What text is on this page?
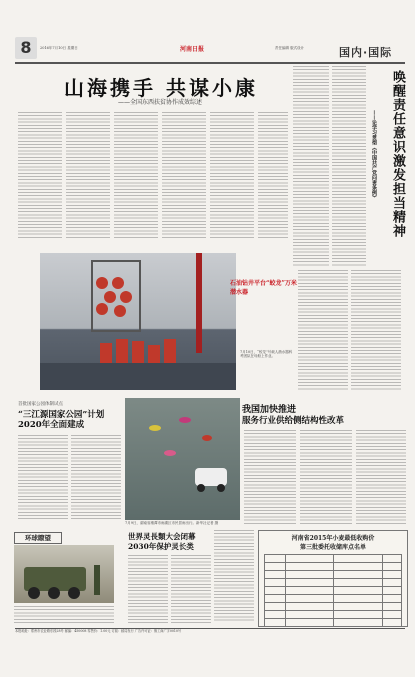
8	2016年7月10日 星期日	河南日报	责任编辑 版式设计	国内·国际
山海携手 共谋小康
——全国东西扶贫协作成效综述	唤醒责任意识
激发担当精神
——论学习贯彻《中国共产党问责条例》
石油钻井平台“蛟龙”万米潜水器
7月10日，“蛟龙”号载人潜水器科考团队在母船上作业。
我国加快推进
服务行业供给侧结构性改革
首批国家公园体制试点
“三江源国家公园”计划2020年全面建成
7月9日，湖南省湘潭市雨湖区市民冒雨出行。新华社记者 摄
环球瞭望	世界灵長類大会闭幕
2030年保护灵长类
河南省2015年小麦最低收购价
第三批委托收储库点名单

本报地址：郑州市农业路东段28号 邮编：450008 零售价：1.00元 订阅：邮局发行 广告许可证：豫工商广字0010号
